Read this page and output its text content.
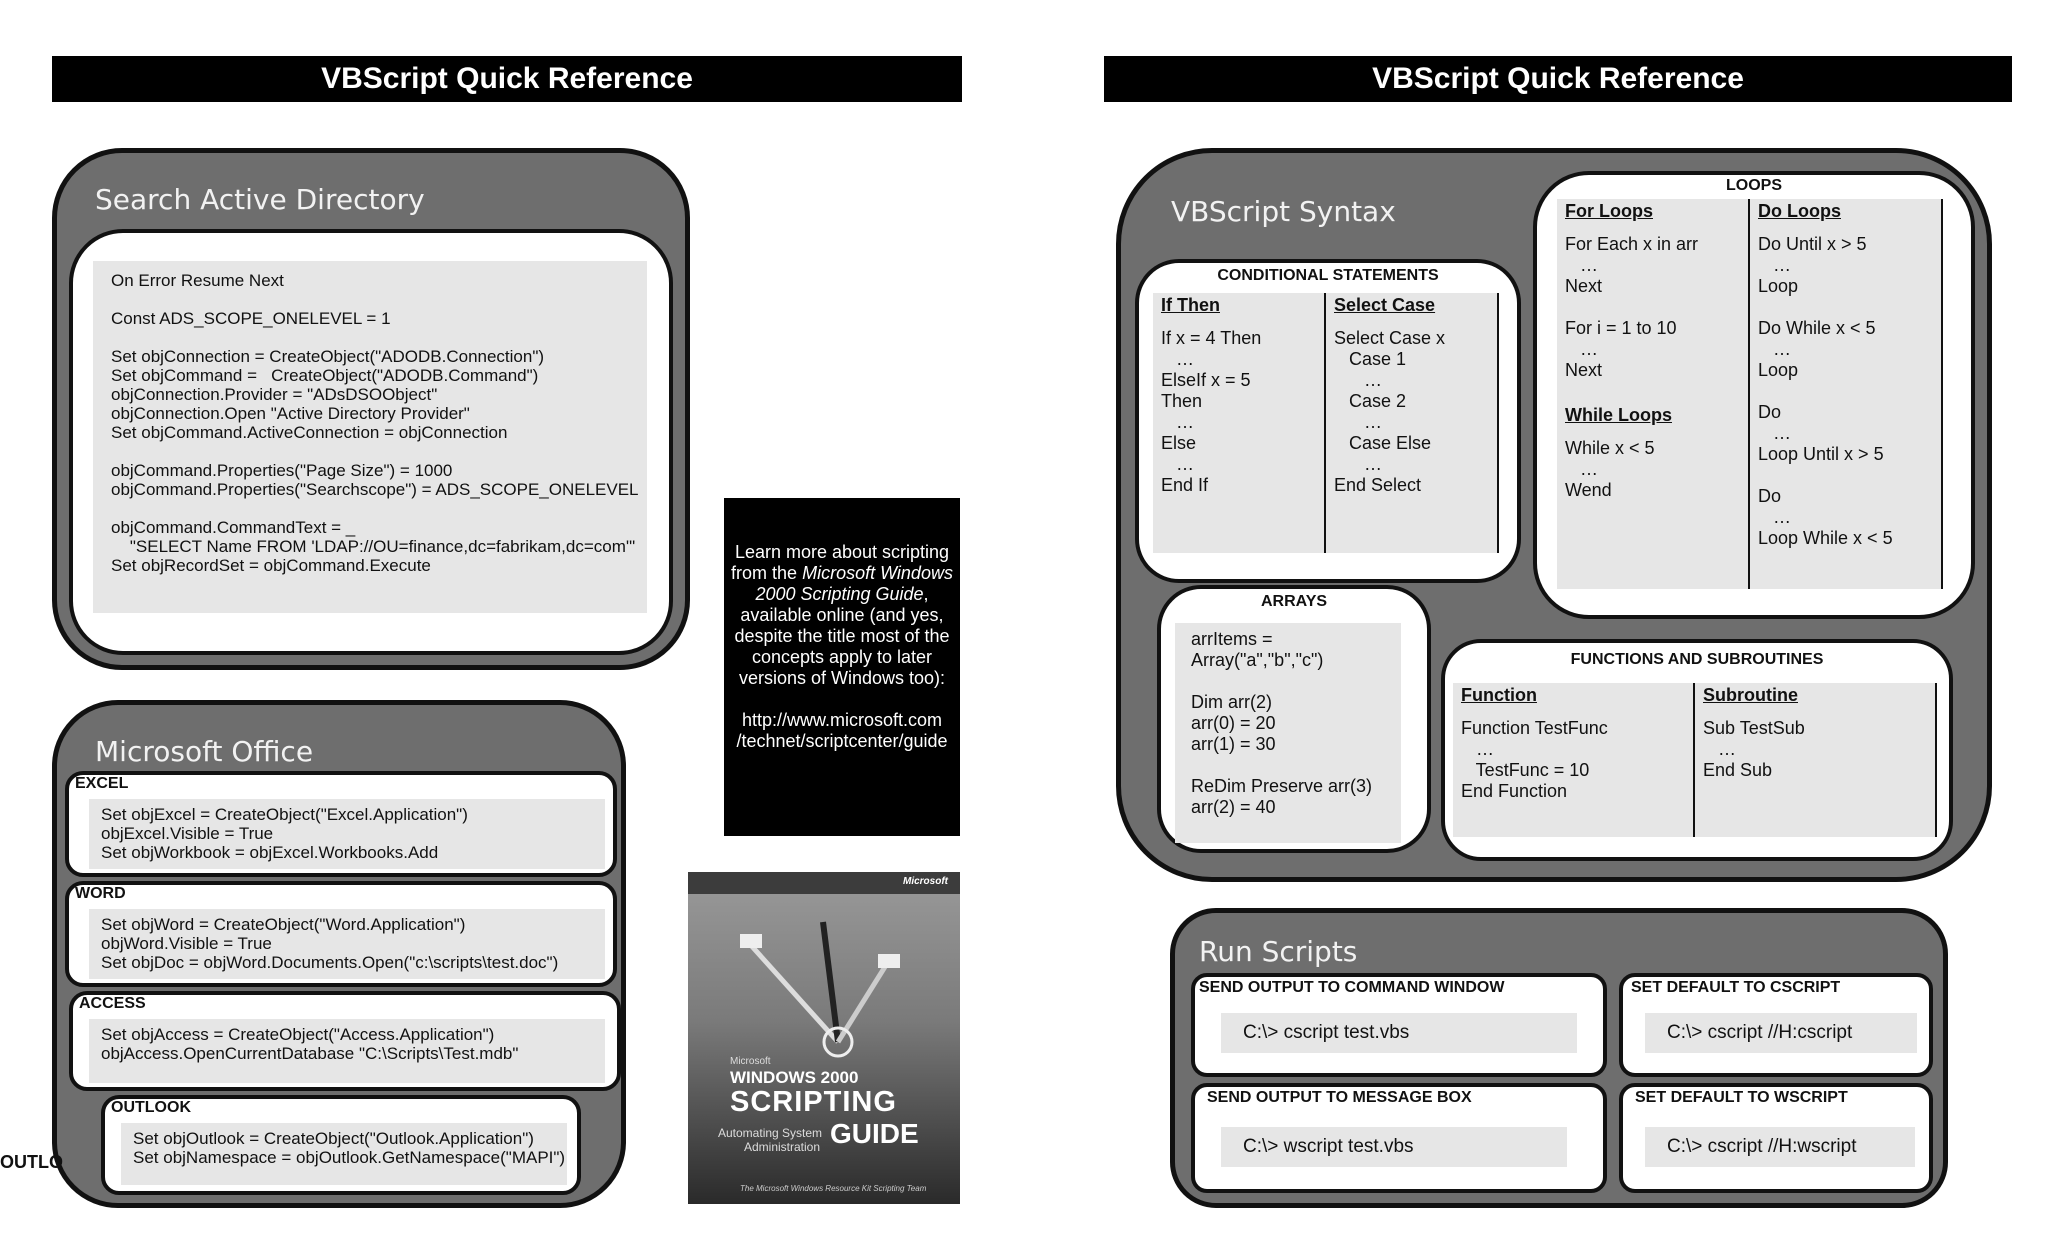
VBScript Quick Reference
Search Active Directory
On Error Resume Next

Const ADS_SCOPE_ONELEVEL = 1

Set objConnection = CreateObject("ADODB.Connection")
Set objCommand =   CreateObject("ADODB.Command")
objConnection.Provider = "ADsDSOObject"
objConnection.Open "Active Directory Provider"
Set objCommand.ActiveConnection = objConnection

objCommand.Properties("Page Size") = 1000
objCommand.Properties("Searchscope") = ADS_SCOPE_ONELEVEL

objCommand.CommandText = _
"SELECT Name FROM 'LDAP://OU=finance,dc=fabrikam,dc=com'"
Set objRecordSet = objCommand.Execute
Microsoft Office
EXCEL
Set objExcel = CreateObject("Excel.Application")
objExcel.Visible = True
Set objWorkbook = objExcel.Workbooks.Add
WORD
Set objWord = CreateObject("Word.Application")
objWord.Visible = True
Set objDoc = objWord.Documents.Open("c:\scripts\test.doc")
ACCESS
Set objAccess = CreateObject("Access.Application")
objAccess.OpenCurrentDatabase "C:\Scripts\Test.mdb"
OUTLOOK
Set objOutlook = CreateObject("Outlook.Application")
Set objNamespace = objOutlook.GetNamespace("MAPI")
OUTLO
Learn more about scripting from the Microsoft Windows 2000 Scripting Guide, available online (and yes, despite the title most of the concepts apply to later versions of Windows too):
http://www.microsoft.com
/technet/scriptcenter/guide
Microsoft
Microsoft
WINDOWS 2000
SCRIPTING
GUIDE
Automating System
Administration
The Microsoft Windows Resource Kit Scripting Team
VBScript Quick Reference
VBScript Syntax
CONDITIONAL STATEMENTS
If Then
If x = 4 Then
…
ElseIf x = 5
Then
…
Else
…
End If
Select Case
Select Case x
Case 1
…
Case 2
…
Case Else
…
End Select
LOOPS
For Loops
For Each x in arr
…
Next

For i = 1 to 10
…
Next
While Loops
While x < 5
…
Wend
Do Loops
Do Until x > 5
…
Loop

Do While x < 5
…
Loop

Do
…
Loop Until x > 5

Do
…
Loop While x < 5
ARRAYS
arrItems =
Array("a","b","c")

Dim arr(2)
arr(0) = 20
arr(1) = 30

ReDim Preserve arr(3)
arr(2) = 40
FUNCTIONS AND SUBROUTINES
Function
Function TestFunc
…
TestFunc = 10
End Function
Subroutine
Sub TestSub
…
End Sub
Run Scripts
SEND OUTPUT TO COMMAND WINDOW
C:\> cscript test.vbs
SET DEFAULT TO CSCRIPT
C:\> cscript //H:cscript
SEND OUTPUT TO MESSAGE BOX
C:\> wscript test.vbs
SET DEFAULT TO WSCRIPT
C:\> cscript //H:wscript
